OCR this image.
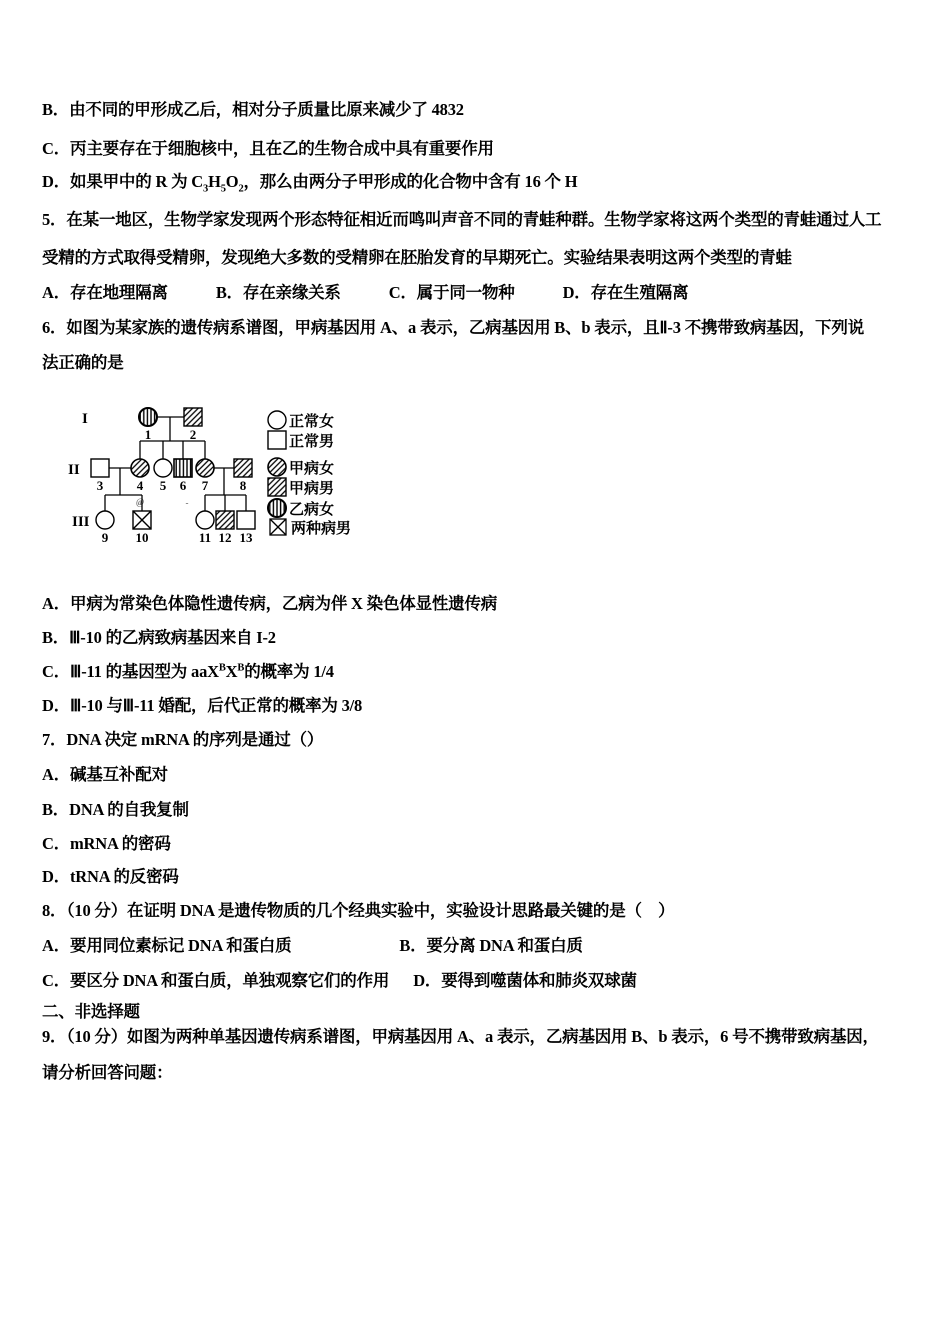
B．由不同的甲形成乙后，相对分子质量比原来减少了 4832
C．丙主要存在于细胞核中，且在乙的生物合成中具有重要作用
D．如果甲中的 R 为 $C_3H_5O_2$，那么由两分子甲形成的化合物中含有 16 个 H
5．在某一地区，生物学家发现两个形态特征相近而鸣叫声音不同的青蛙种群。生物学家将这两个类型的青蛙通过人工
受精的方式取得受精卵，发现绝大多数的受精卵在胚胎发育的早期死亡。实验结果表明这两个类型的青蛙
A．存在地理隔离	B．存在亲缘关系	C．属于同一物种	D．存在生殖隔离
6．如图为某家族的遗传病系谱图，甲病基因用 A、a 表示，乙病基因用 B、b 表示，且Ⅱ-3 不携带致病基因，下列说
法正确的是
I
II
III
1	2
3	4 5 6 7 8
9 10	11 12 13
@	-
正常女
正常男
甲病女
甲病男
乙病女
两种病男
A．甲病为常染色体隐性遗传病，乙病为伴 X 染色体显性遗传病
B．Ⅲ-10 的乙病致病基因来自 I-2
C．Ⅲ-11 的基因型为 $aaX^BX^B$的概率为 1/4
D．Ⅲ-10 与Ⅲ-11 婚配，后代正常的概率为 3/8
7．DNA 决定 mRNA 的序列是通过（）
A．碱基互补配对
B．DNA 的自我复制
C．mRNA 的密码
D．tRNA 的反密码
8．（10 分）在证明 DNA 是遗传物质的几个经典实验中，实验设计思路最关键的是（　）
A．要用同位素标记 DNA 和蛋白质	B．要分离 DNA 和蛋白质
C．要区分 DNA 和蛋白质，单独观察它们的作用 D．要得到噬菌体和肺炎双球菌
二、非选择题
9．（10 分）如图为两种单基因遗传病系谱图，甲病基因用 A、a 表示，乙病基因用 B、b 表示，6 号不携带致病基因，
请分析回答问题：
